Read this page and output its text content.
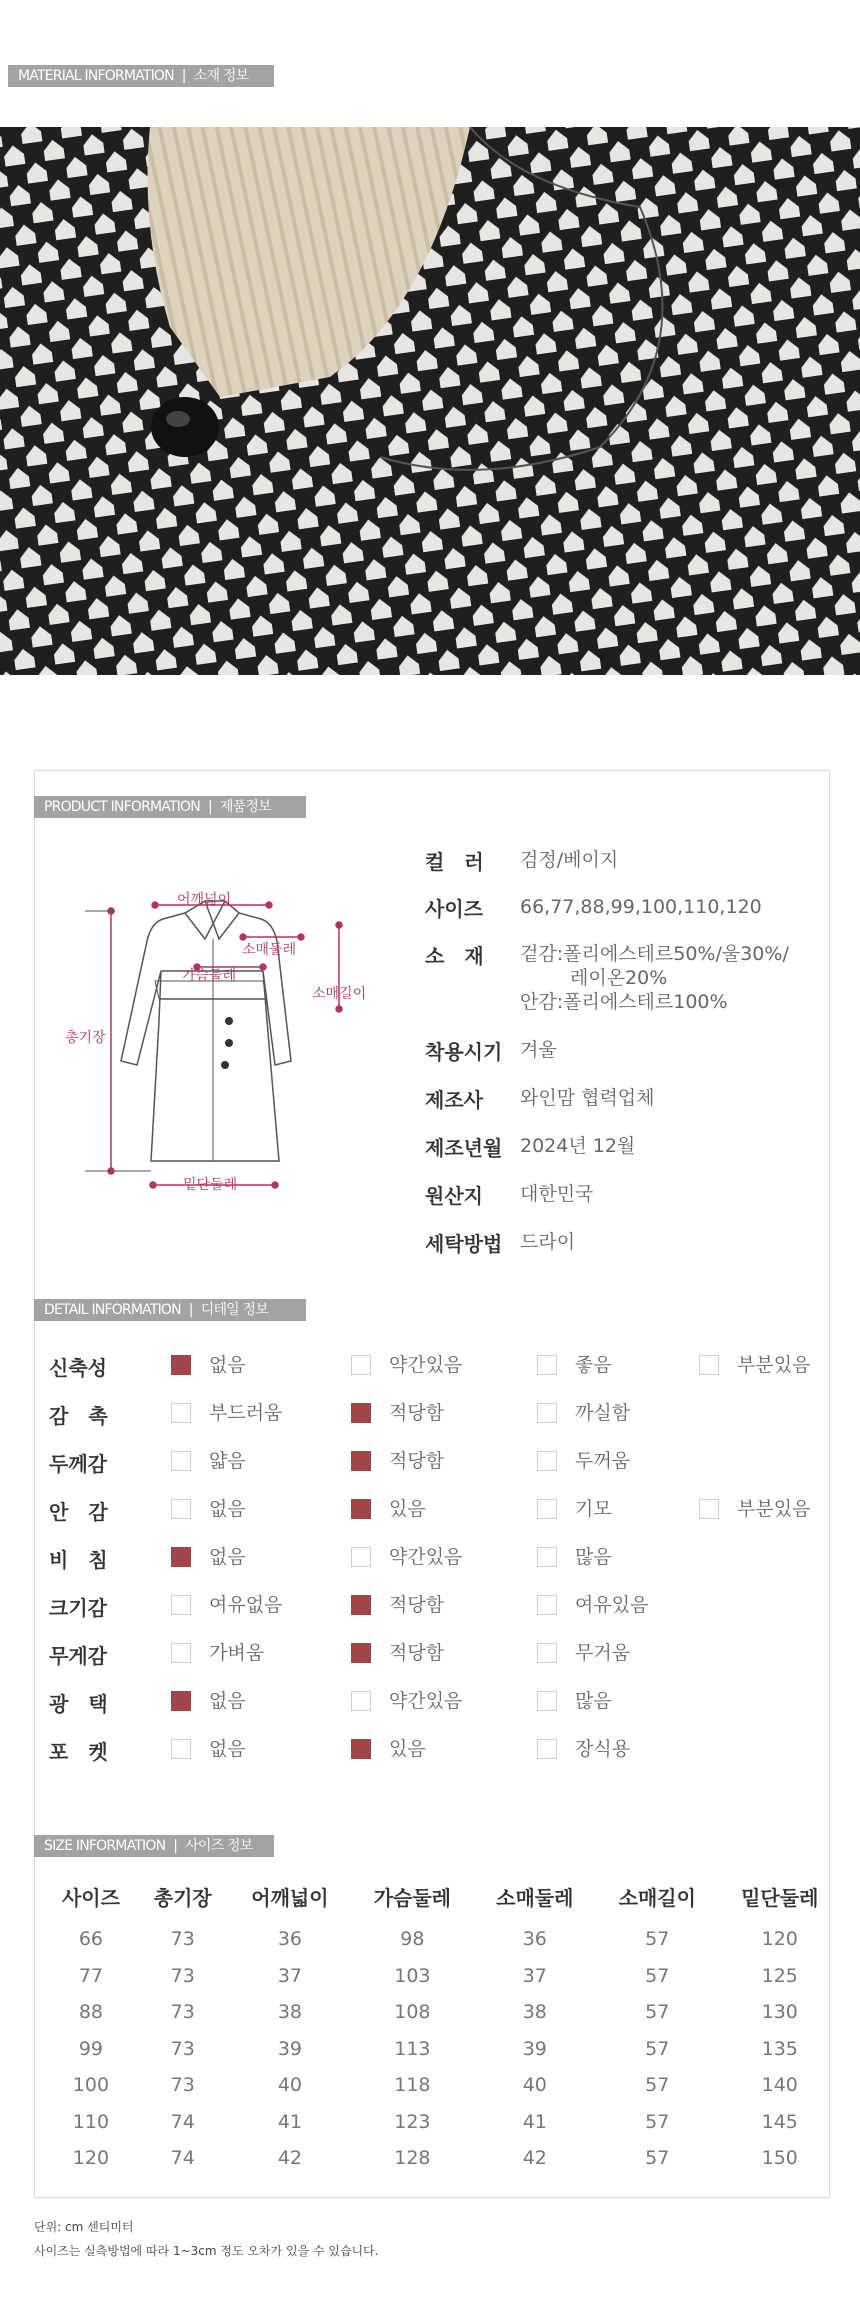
MATERIAL INFORMATION | 소재 정보
PRODUCT INFORMATION | 제품정보
어깨넓이
소매둘레
가슴둘레
소매길이
총기장
밑단둘레
컬　러	검정/베이지
사이즈	66,77,88,99,100,110,120
소　재	겉감:폴리에스테르50%/울30%/
레이온20%
안감:폴리에스테르100%
착용시기 겨울
제조사	와인맘 협력업체
제조년월 2024년 12월
원산지	대한민국
세탁방법 드라이
DETAIL INFORMATION | 디테일 정보
신축성	없음	약간있음	좋음	부분있음
감　촉	부드러움	적당함	까실함
두께감	얇음	적당함	두꺼움
안　감	없음	있음	기모	부분있음
비　침	없음	약간있음	많음
크기감	여유없음	적당함	여유있음
무게감	가벼움	적당함	무거움
광　택	없음	약간있음	많음
포　켓	없음	있음	장식용
SIZE INFORMATION | 사이즈 정보
사이즈	총기장	어깨넓이	가슴둘레	소매둘레	소매길이	밑단둘레
66	73	36	98	36	57	120
77	73	37	103	37	57	125
88	73	38	108	38	57	130
99	73	39	113	39	57	135
100	73	40	118	40	57	140
110	74	41	123	41	57	145
120	74	42	128	42	57	150
단위: cm 센티미터
사이즈는 실측방법에 따라 1~3cm 정도 오차가 있을 수 있습니다.
